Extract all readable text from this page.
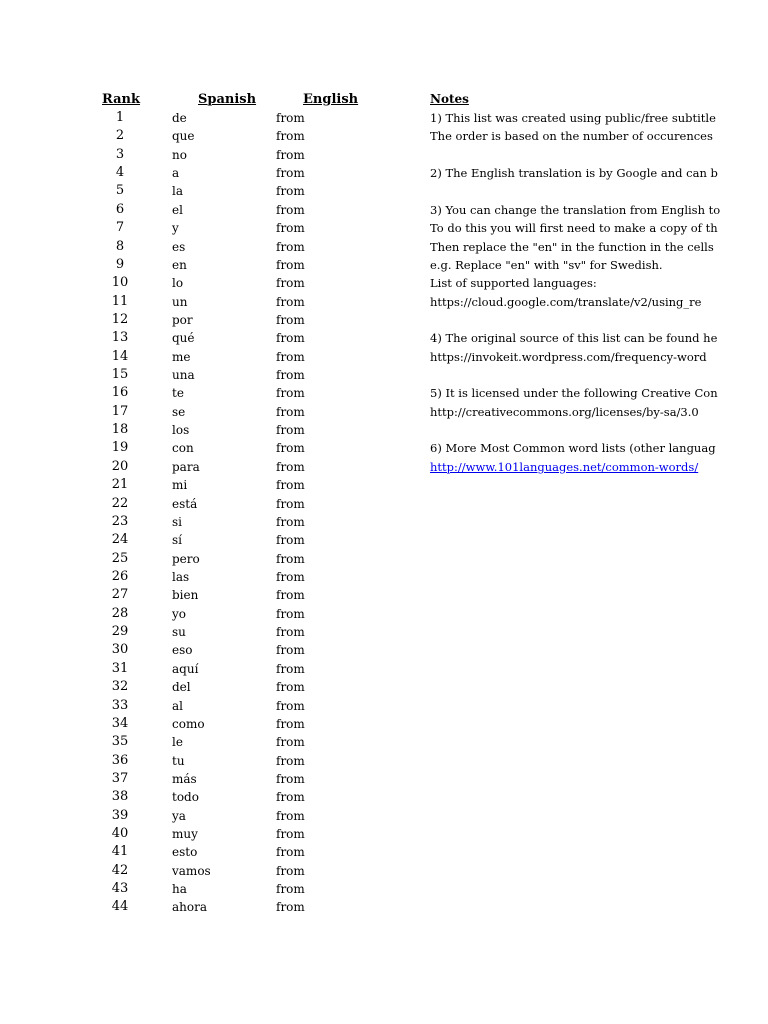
Rank	Spanish	English	Notes
1	de	from
2	que	from
3	no	from
4	a	from
5	la	from
6	el	from
7	y	from
8	es	from
9	en	from
10	lo	from
11	un	from
12	por	from
13	qué	from
14	me	from
15	una	from
16	te	from
17	se	from
18	los	from
19	con	from
20	para	from
21	mi	from
22	está	from
23	si	from
24	sí	from
25	pero	from
26	las	from
27	bien	from
28	yo	from
29	su	from
30	eso	from
31	aquí	from
32	del	from
33	al	from
34	como	from
35	le	from
36	tu	from
37	más	from
38	todo	from
39	ya	from
40	muy	from
41	esto	from
42	vamos	from
43	ha	from
44	ahora	from
1) This list was created using public/free subtitle
The order is based on the number of occurences
2) The English translation is by Google and can b
3) You can change the translation from English to
To do this you will first need to make a copy of th
Then replace the "en" in the function in the cells
e.g. Replace "en" with "sv" for Swedish.
List of supported languages:
https://cloud.google.com/translate/v2/using_re
4) The original source of this list can be found he
https://invokeit.wordpress.com/frequency-word
5) It is licensed under the following Creative Con
http://creativecommons.org/licenses/by-sa/3.0
6) More Most Common word lists (other languag
http://www.101languages.net/common-words/
